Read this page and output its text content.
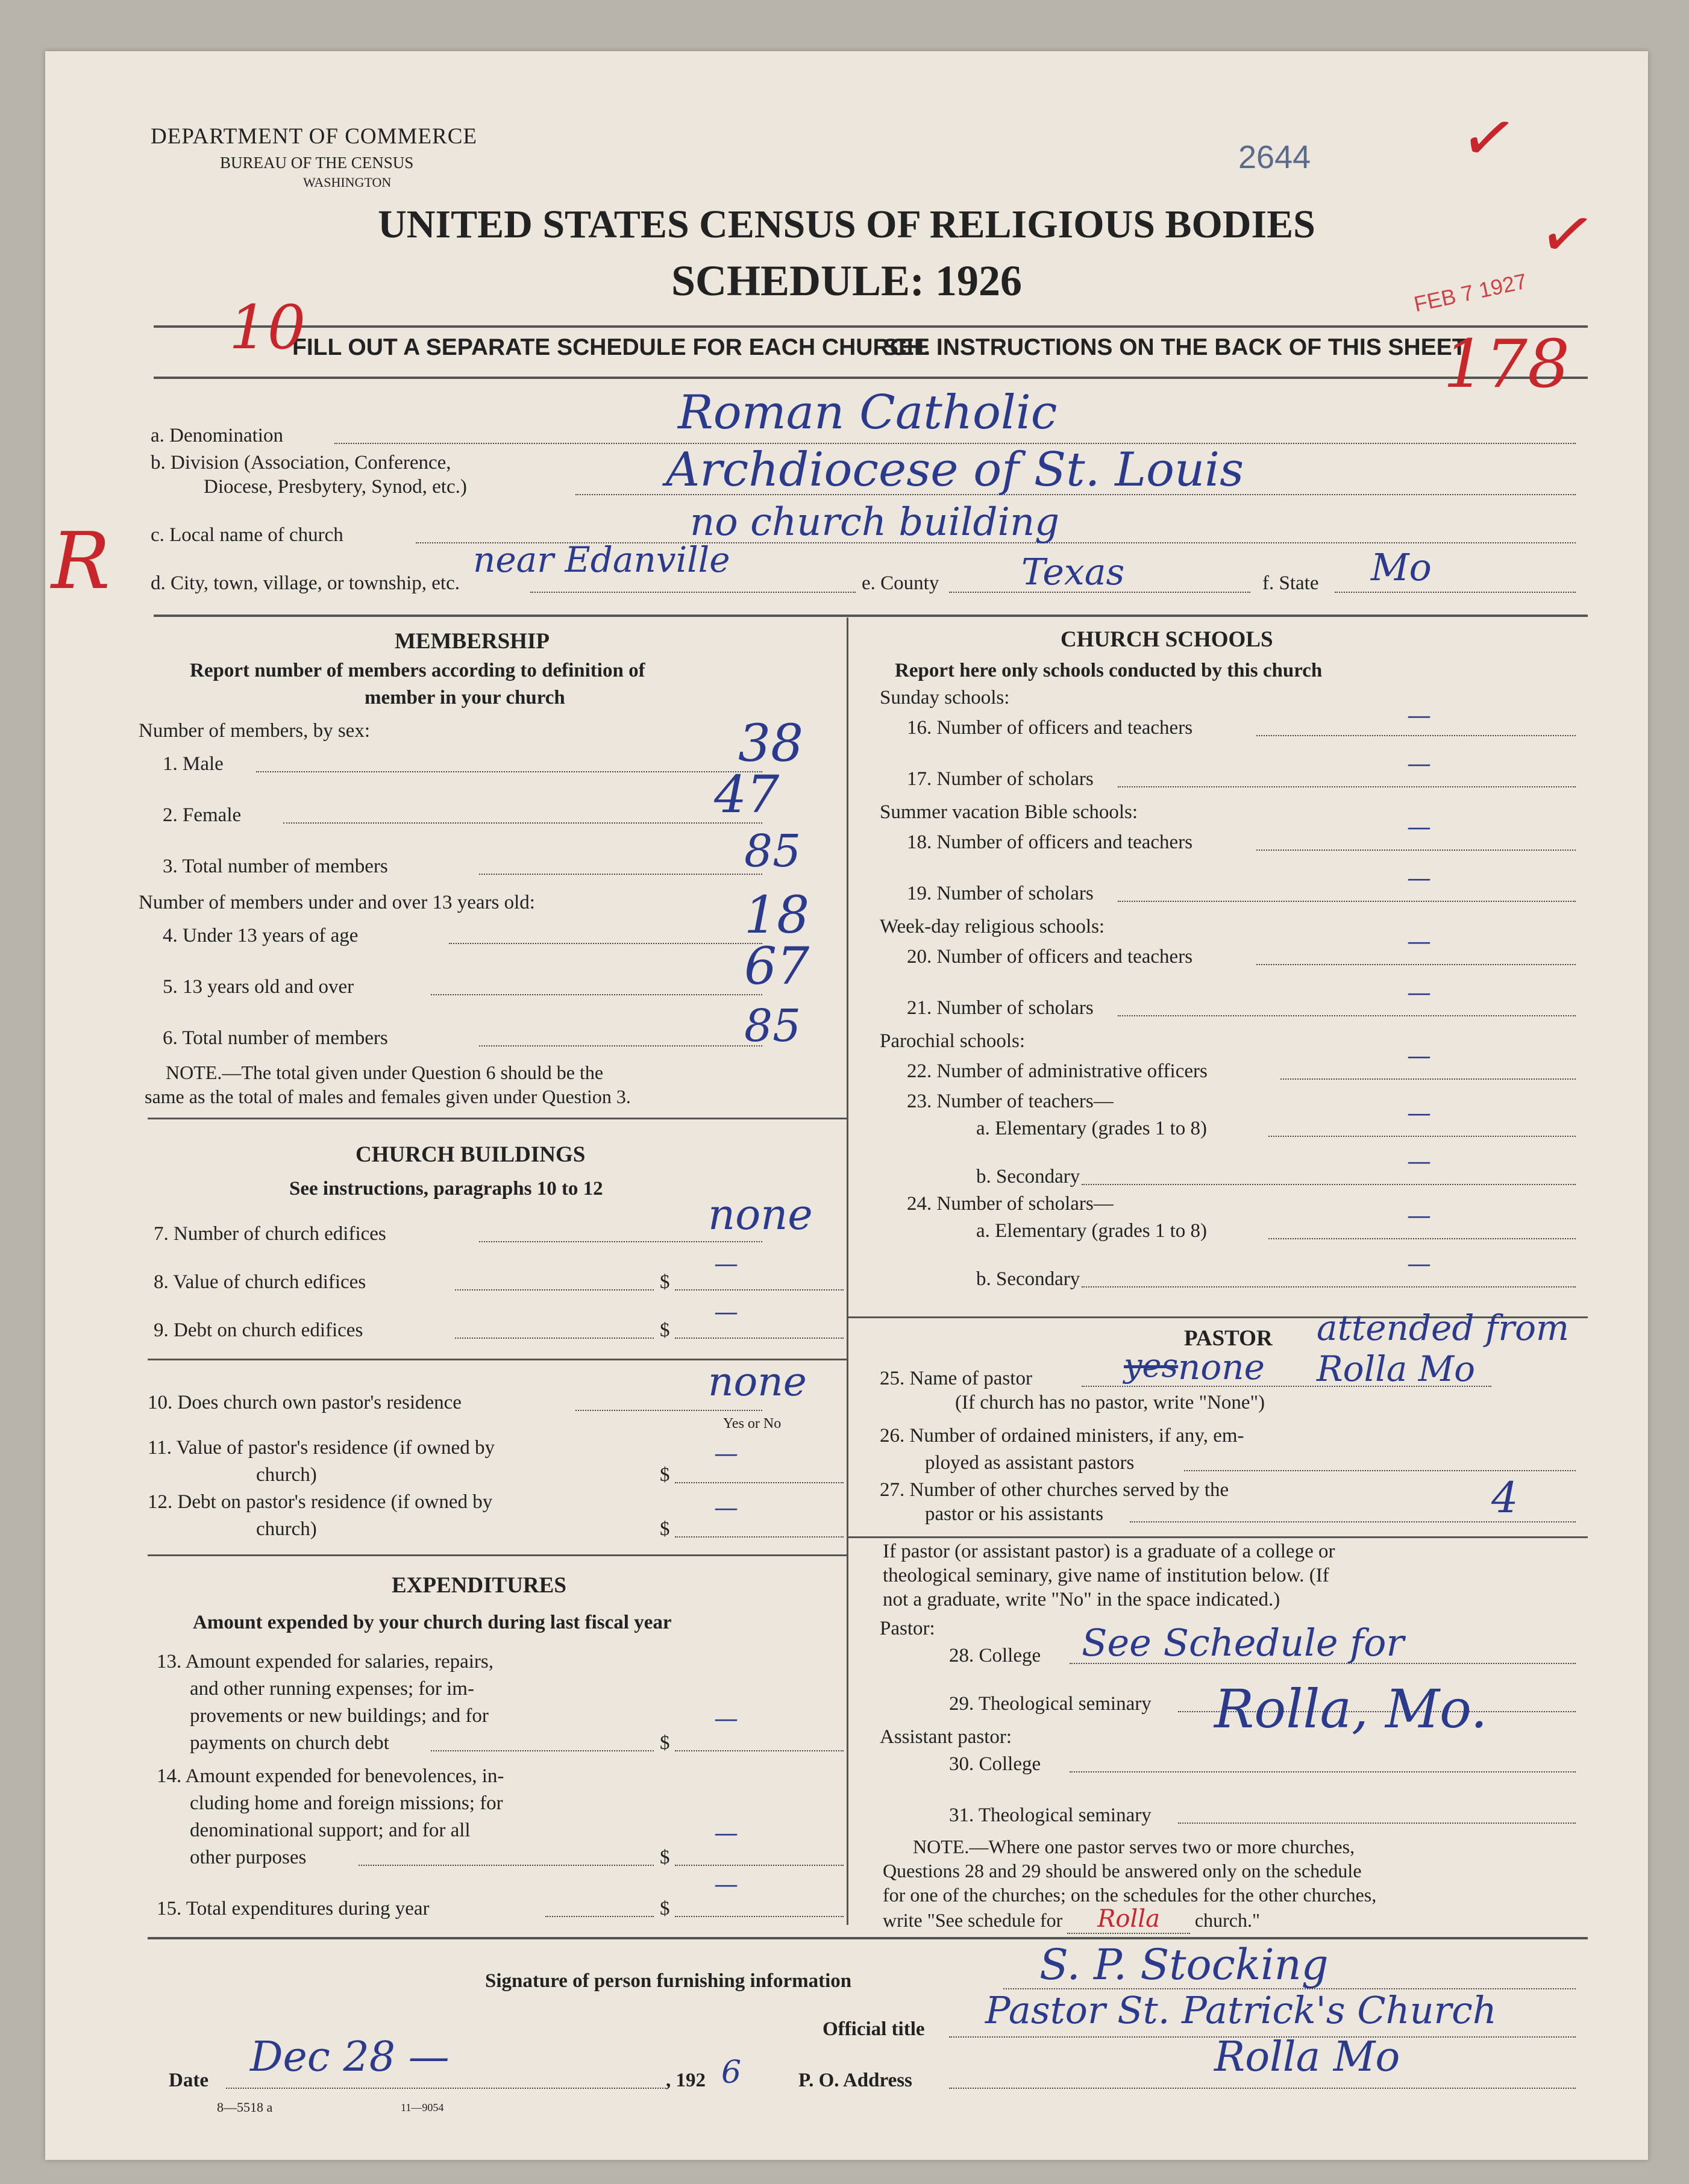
DEPARTMENT OF COMMERCE
BUREAU OF THE CENSUS
WASHINGTON
2644
UNITED STATES CENSUS OF RELIGIOUS BODIES
SCHEDULE: 1926
FILL OUT A SEPARATE SCHEDULE FOR EACH CHURCH.
SEE INSTRUCTIONS ON THE BACK OF THIS SHEET
10	178
R
FEB 7 1927
✓
✓
a. Denomination	Roman Catholic
b. Division (Association, Conference,
Diocese, Presbytery, Synod, etc.)	Archdiocese of St. Louis
c. Local name of church	no church building
d. City, town, village, or township, etc.
near Edanville
e. County Texas	f. State Mo
MEMBERSHIP
Report number of members according to definition of
member in your church
Number of members, by sex:
1. Male	38
2. Female	47
3. Total number of members	85
Number of members under and over 13 years old:
4. Under 13 years of age	18
5. 13 years old and over	67
6. Total number of members	85
NOTE.—The total given under Question 6 should be the
same as the total of males and females given under Question 3.
CHURCH BUILDINGS
See instructions, paragraphs 10 to 12
7. Number of church edifices	none
8. Value of church edifices	$
—
9. Debt on church edifices	$
—
10. Does church own pastor's residence	none
Yes or No
11. Value of pastor's residence (if owned by
church)	$
—
12. Debt on pastor's residence (if owned by
church)	$
—
EXPENDITURES
Amount expended by your church during last fiscal year
13. Amount expended for salaries, repairs,
and other running expenses; for im-
provements or new buildings; and for
payments on church debt	$
—
14. Amount expended for benevolences, in-
cluding home and foreign missions; for
denominational support; and for all
other purposes	$
—
15. Total expenditures during year	$
—
CHURCH SCHOOLS
Report here only schools conducted by this church
Sunday schools:
16. Number of officers and teachers	—
17. Number of scholars
—
Summer vacation Bible schools:
18. Number of officers and teachers
—
19. Number of scholars
—
Week-day religious schools:
20. Number of officers and teachers
—
21. Number of scholars
—
Parochial schools:
22. Number of administrative officers
—
23. Number of teachers—
a. Elementary (grades 1 to 8)
—
b. Secondary
—
24. Number of scholars—
a. Elementary (grades 1 to 8)
—
b. Secondary
—
PASTOR attended from Rolla Mo
25. Name of pastor	yes none
(If church has no pastor, write "None")
26. Number of ordained ministers, if any, em-
ployed as assistant pastors
27. Number of other churches served by the
pastor or his assistants	4
If pastor (or assistant pastor) is a graduate of a college or
theological seminary, give name of institution below. (If
not a graduate, write "No" in the space indicated.)
Pastor:
28. College See Schedule for
29. Theological seminary Rolla, Mo.
Assistant pastor:
30. College
31. Theological seminary
NOTE.—Where one pastor serves two or more churches,
Questions 28 and 29 should be answered only on the schedule
for one of the churches; on the schedules for the other churches,
write "See schedule for Rolla church."
Signature of person furnishing information	S. P. Stocking
Official title Pastor St. Patrick's Church
Date Dec 28 —	, 192 6	P. O. Address	Rolla Mo
8—5518 a	11—9054
